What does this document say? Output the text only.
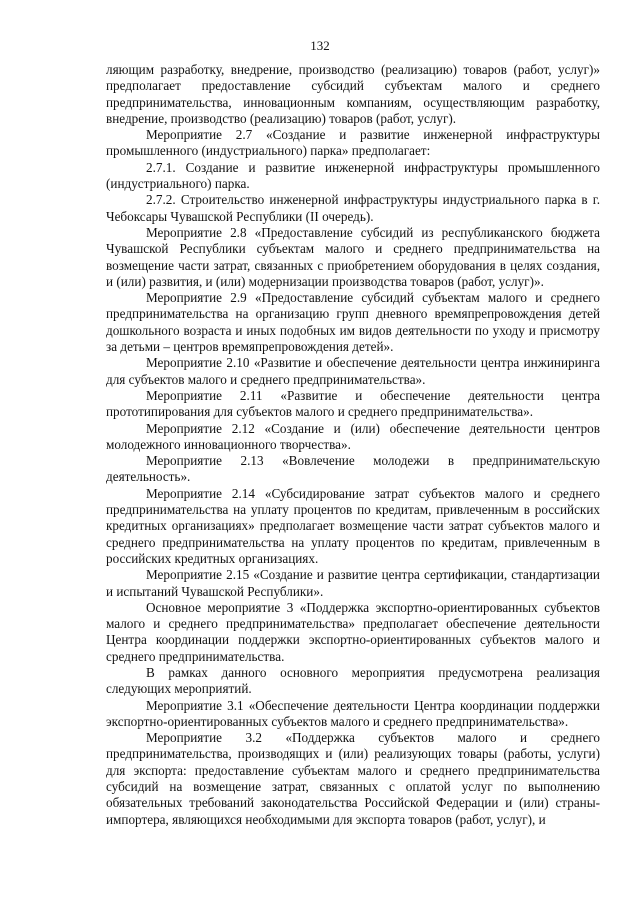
132

ляющим разработку, внедрение, производство (реализацию) товаров (работ, услуг)» предполагает предоставление субсидий субъектам малого и среднего предпринимательства, инновационным компаниям, осуществляющим разработку, внедрение, производство (реализацию) товаров (работ, услуг).

Мероприятие 2.7 «Создание и развитие инженерной инфраструктуры промышленного (индустриального) парка» предполагает:

2.7.1. Создание и развитие инженерной инфраструктуры промышленного (индустриального) парка.

2.7.2. Строительство инженерной инфраструктуры индустриального парка в г. Чебоксары Чувашской Республики (II очередь).

Мероприятие 2.8 «Предоставление субсидий из республиканского бюджета Чувашской Республики субъектам малого и среднего предпринимательства на возмещение части затрат, связанных с приобретением оборудования в целях создания, и (или) развития, и (или) модернизации производства товаров (работ, услуг)».

Мероприятие 2.9 «Предоставление субсидий субъектам малого и среднего предпринимательства на организацию групп дневного времяпрепровождения детей дошкольного возраста и иных подобных им видов деятельности по уходу и присмотру за детьми – центров времяпрепровождения детей».

Мероприятие 2.10 «Развитие и обеспечение деятельности центра инжиниринга для субъектов малого и среднего предпринимательства».

Мероприятие 2.11 «Развитие и обеспечение деятельности центра прототипирования для субъектов малого и среднего предпринимательства».

Мероприятие 2.12 «Создание и (или) обеспечение деятельности центров молодежного инновационного творчества».

Мероприятие 2.13 «Вовлечение молодежи в предпринимательскую деятельность».

Мероприятие 2.14 «Субсидирование затрат субъектов малого и среднего предпринимательства на уплату процентов по кредитам, привлеченным в российских кредитных организациях» предполагает возмещение части затрат субъектов малого и среднего предпринимательства на уплату процентов по кредитам, привлеченным в российских кредитных организациях.

Мероприятие 2.15 «Создание и развитие центра сертификации, стандартизации и испытаний Чувашской Республики».

Основное мероприятие 3 «Поддержка экспортно-ориентированных субъектов малого и среднего предпринимательства» предполагает обеспечение деятельности Центра координации поддержки экспортно-ориентированных субъектов малого и среднего предпринимательства.

В рамках данного основного мероприятия предусмотрена реализация следующих мероприятий.

Мероприятие 3.1 «Обеспечение деятельности Центра координации поддержки экспортно-ориентированных субъектов малого и среднего предпринимательства».

Мероприятие 3.2 «Поддержка субъектов малого и среднего предпринимательства, производящих и (или) реализующих товары (работы, услуги) для экспорта: предоставление субъектам малого и среднего предпринимательства субсидий на возмещение затрат, связанных с оплатой услуг по выполнению обязательных требований законодательства Российской Федерации и (или) страны-импортера, являющихся необходимыми для экспорта товаров (работ, услуг), и
